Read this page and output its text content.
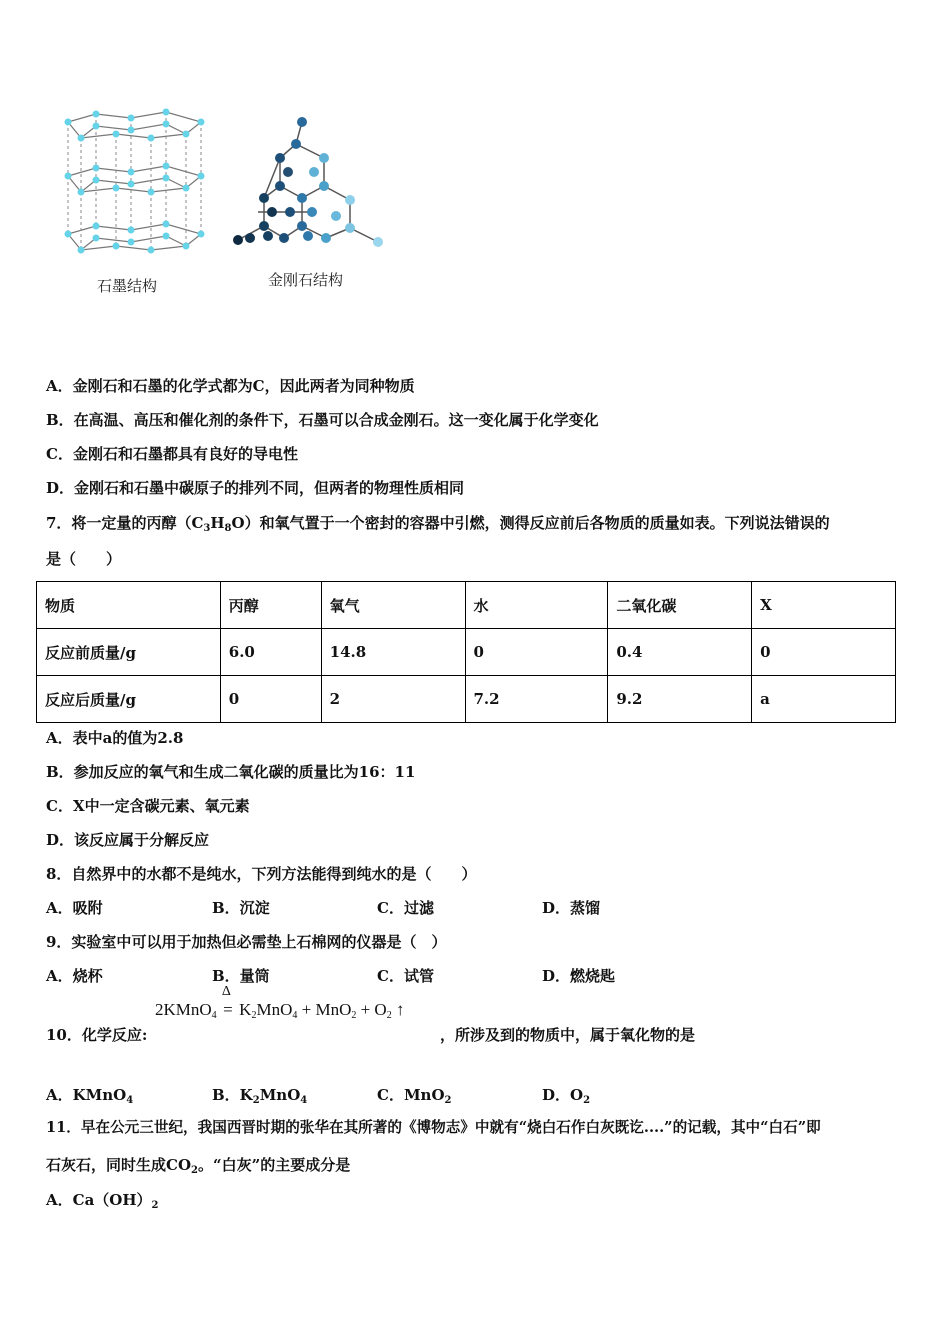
石墨结构	金刚石结构
A．金刚石和石墨的化学式都为C，因此两者为同种物质
B．在高温、高压和催化剂的条件下，石墨可以合成金刚石。这一变化属于化学变化
C．金刚石和石墨都具有良好的导电性
D．金刚石和石墨中碳原子的排列不同，但两者的物理性质相同
7．将一定量的丙醇$(C_3H_8O)$和氧气置于一个密封的容器中引燃，测得反应前后各物质的质量如表。下列说法错误的
是（　　）
物质	丙醇	氧气	水	二氧化碳	X
反应前质量/g	6.0	14.8	0	0.4	0
反应后质量/g	0	2	7.2	9.2	a
A．表中a的值为2.8
B．参加反应的氧气和生成二氧化碳的质量比为16：11
C．X中一定含碳元素、氧元素
D．该反应属于分解反应
8．自然界中的水都不是纯水，下列方法能得到纯水的是（　　）
A．吸附	B．沉淀	C．过滤	D．蒸馏
9．实验室中可以用于加热但必需垫上石棉网的仪器是（　）
A．烧杯	B．量筒	C．试管	D．燃烧匙
10．化学反应:
2KMnO$_4$
Δ
= $K_2MnO_4 + MnO_2 + O_2$ ↑
，所涉及到的物质中，属于氧化物的是
A．KMnO$_4$	B．$K_2MnO_4$	C．MnO$_2$	D．$O_2$
11．早在公元三世纪，我国西晋时期的张华在其所著的《博物志》中就有“烧白石作白灰既讫....”的记载，其中“白石”即
石灰石，同时生成$CO_2$。“白灰”的主要成分是
A．$Ca(OH)_2$
